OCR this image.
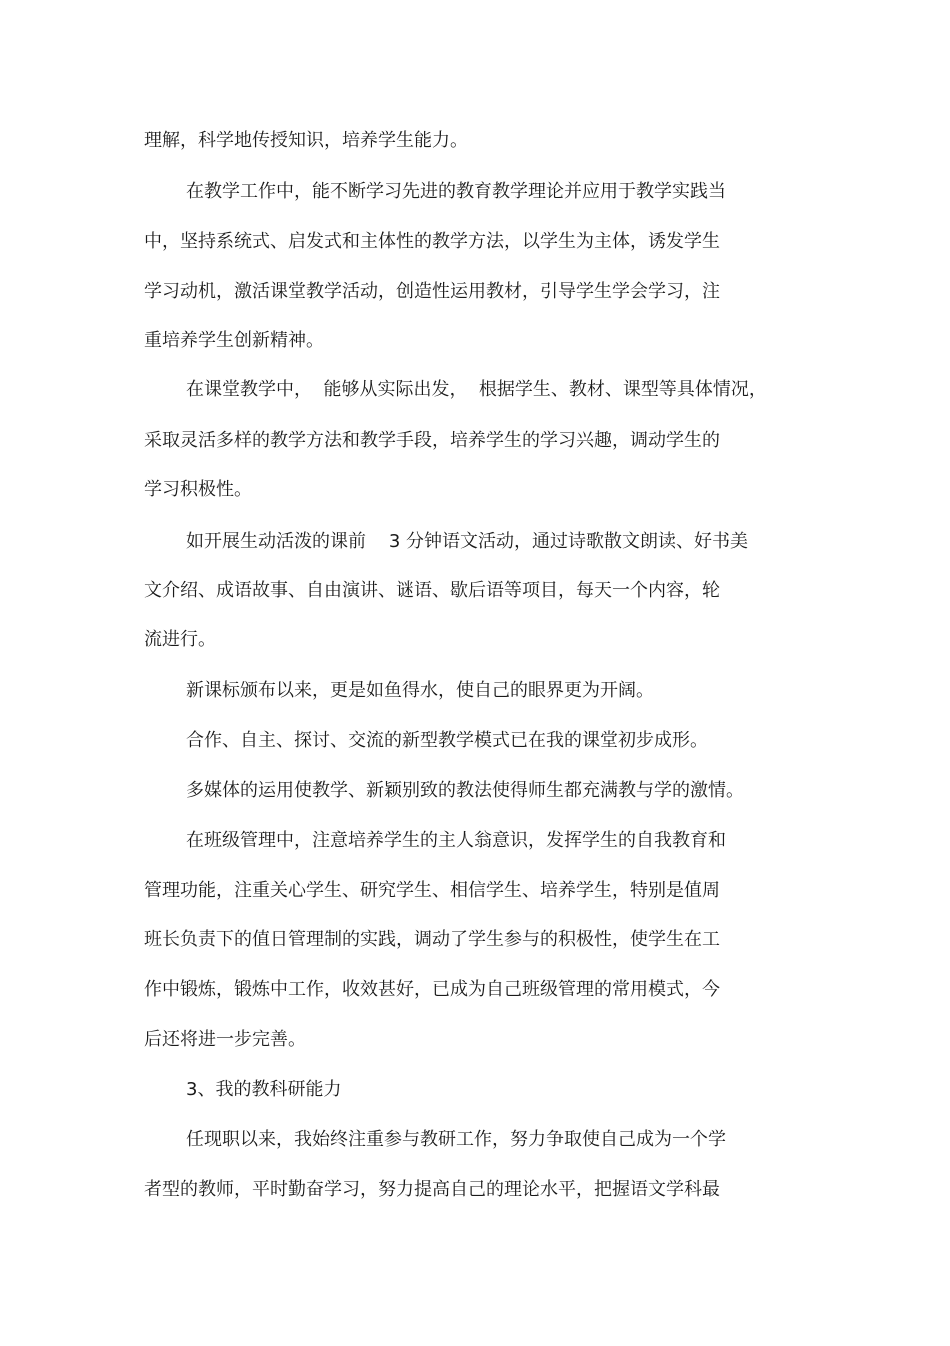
理解，科学地传授知识，培养学生能力。

在教学工作中，能不断学习先进的教育教学理论并应用于教学实践当

中，坚持系统式、启发式和主体性的教学方法，以学生为主体，诱发学生

学习动机，激活课堂教学活动，创造性运用教材，引导学生学会学习，注

重培养学生创新精神。

在课堂教学中，  能够从实际出发，  根据学生、教材、课型等具体情况，

采取灵活多样的教学方法和教学手段，培养学生的学习兴趣，调动学生的

学习积极性。

如开展生动活泼的课前    3 分钟语文活动，通过诗歌散文朗读、好书美

文介绍、成语故事、自由演讲、谜语、歇后语等项目，每天一个内容，轮

流进行。

新课标颁布以来，更是如鱼得水，使自己的眼界更为开阔。

合作、自主、探讨、交流的新型教学模式已在我的课堂初步成形。

多媒体的运用使教学、新颖别致的教法使得师生都充满教与学的激情。

在班级管理中，注意培养学生的主人翁意识，发挥学生的自我教育和

管理功能，注重关心学生、研究学生、相信学生、培养学生，特别是值周

班长负责下的值日管理制的实践，调动了学生参与的积极性，使学生在工

作中锻炼，锻炼中工作，收效甚好，已成为自己班级管理的常用模式，今

后还将进一步完善。

3、我的教科研能力

任现职以来，我始终注重参与教研工作，努力争取使自己成为一个学

者型的教师，平时勤奋学习，努力提高自己的理论水平，把握语文学科最
